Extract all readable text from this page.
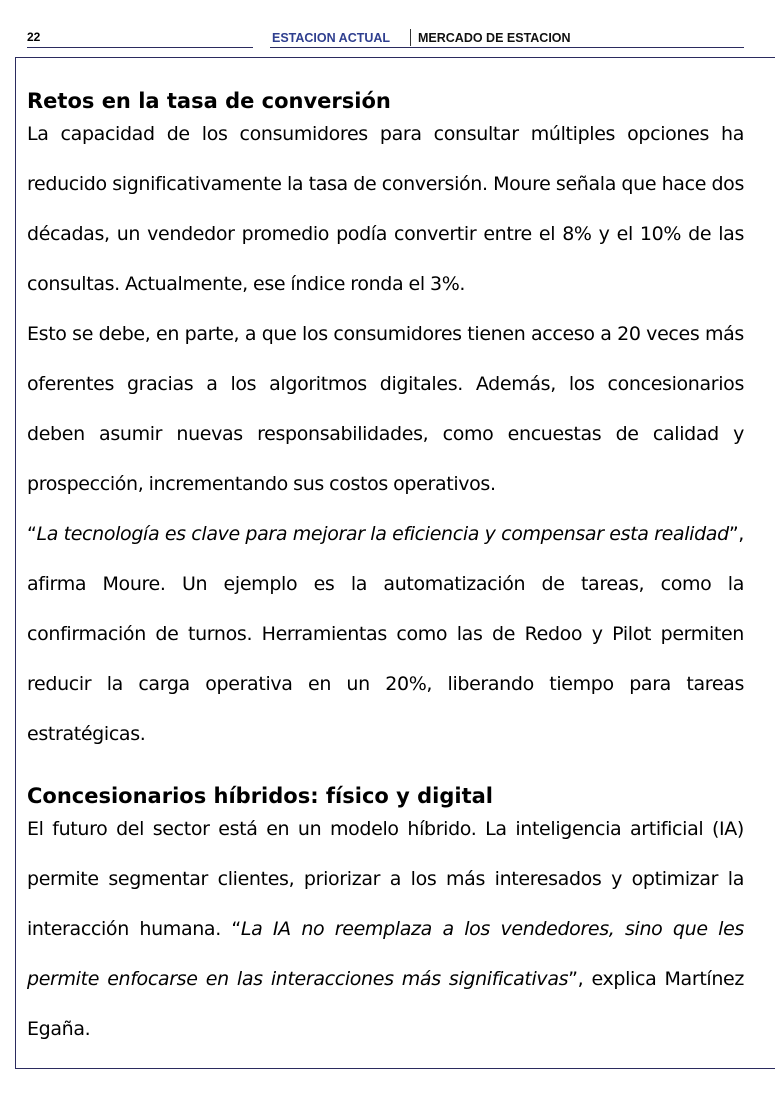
22	ESTACION ACTUAL MERCADO DE ESTACION
Retos en la tasa de conversión

La capacidad de los consumidores para consultar múltiples opciones ha reducido significativamente la tasa de conversión. Moure señala que hace dos décadas, un vendedor promedio podía convertir entre el 8% y el 10% de las consultas. Actualmente, ese índice ronda el 3%.

Esto se debe, en parte, a que los consumidores tienen acceso a 20 veces más oferentes gracias a los algoritmos digitales. Además, los concesionarios deben asumir nuevas responsabilidades, como encuestas de calidad y prospección, incrementando sus costos operativos.

“La tecnología es clave para mejorar la eficiencia y compensar esta realidad”, afirma Moure. Un ejemplo es la automatización de tareas, como la confirmación de turnos. Herramientas como las de Redoo y Pilot permiten reducir la carga operativa en un 20%, liberando tiempo para tareas estratégicas.

Concesionarios híbridos: físico y digital

El futuro del sector está en un modelo híbrido. La inteligencia artificial (IA) permite segmentar clientes, priorizar a los más interesados y optimizar la interacción humana. “La IA no reemplaza a los vendedores, sino que les permite enfocarse en las interacciones más significativas”, explica Martínez Egaña.
